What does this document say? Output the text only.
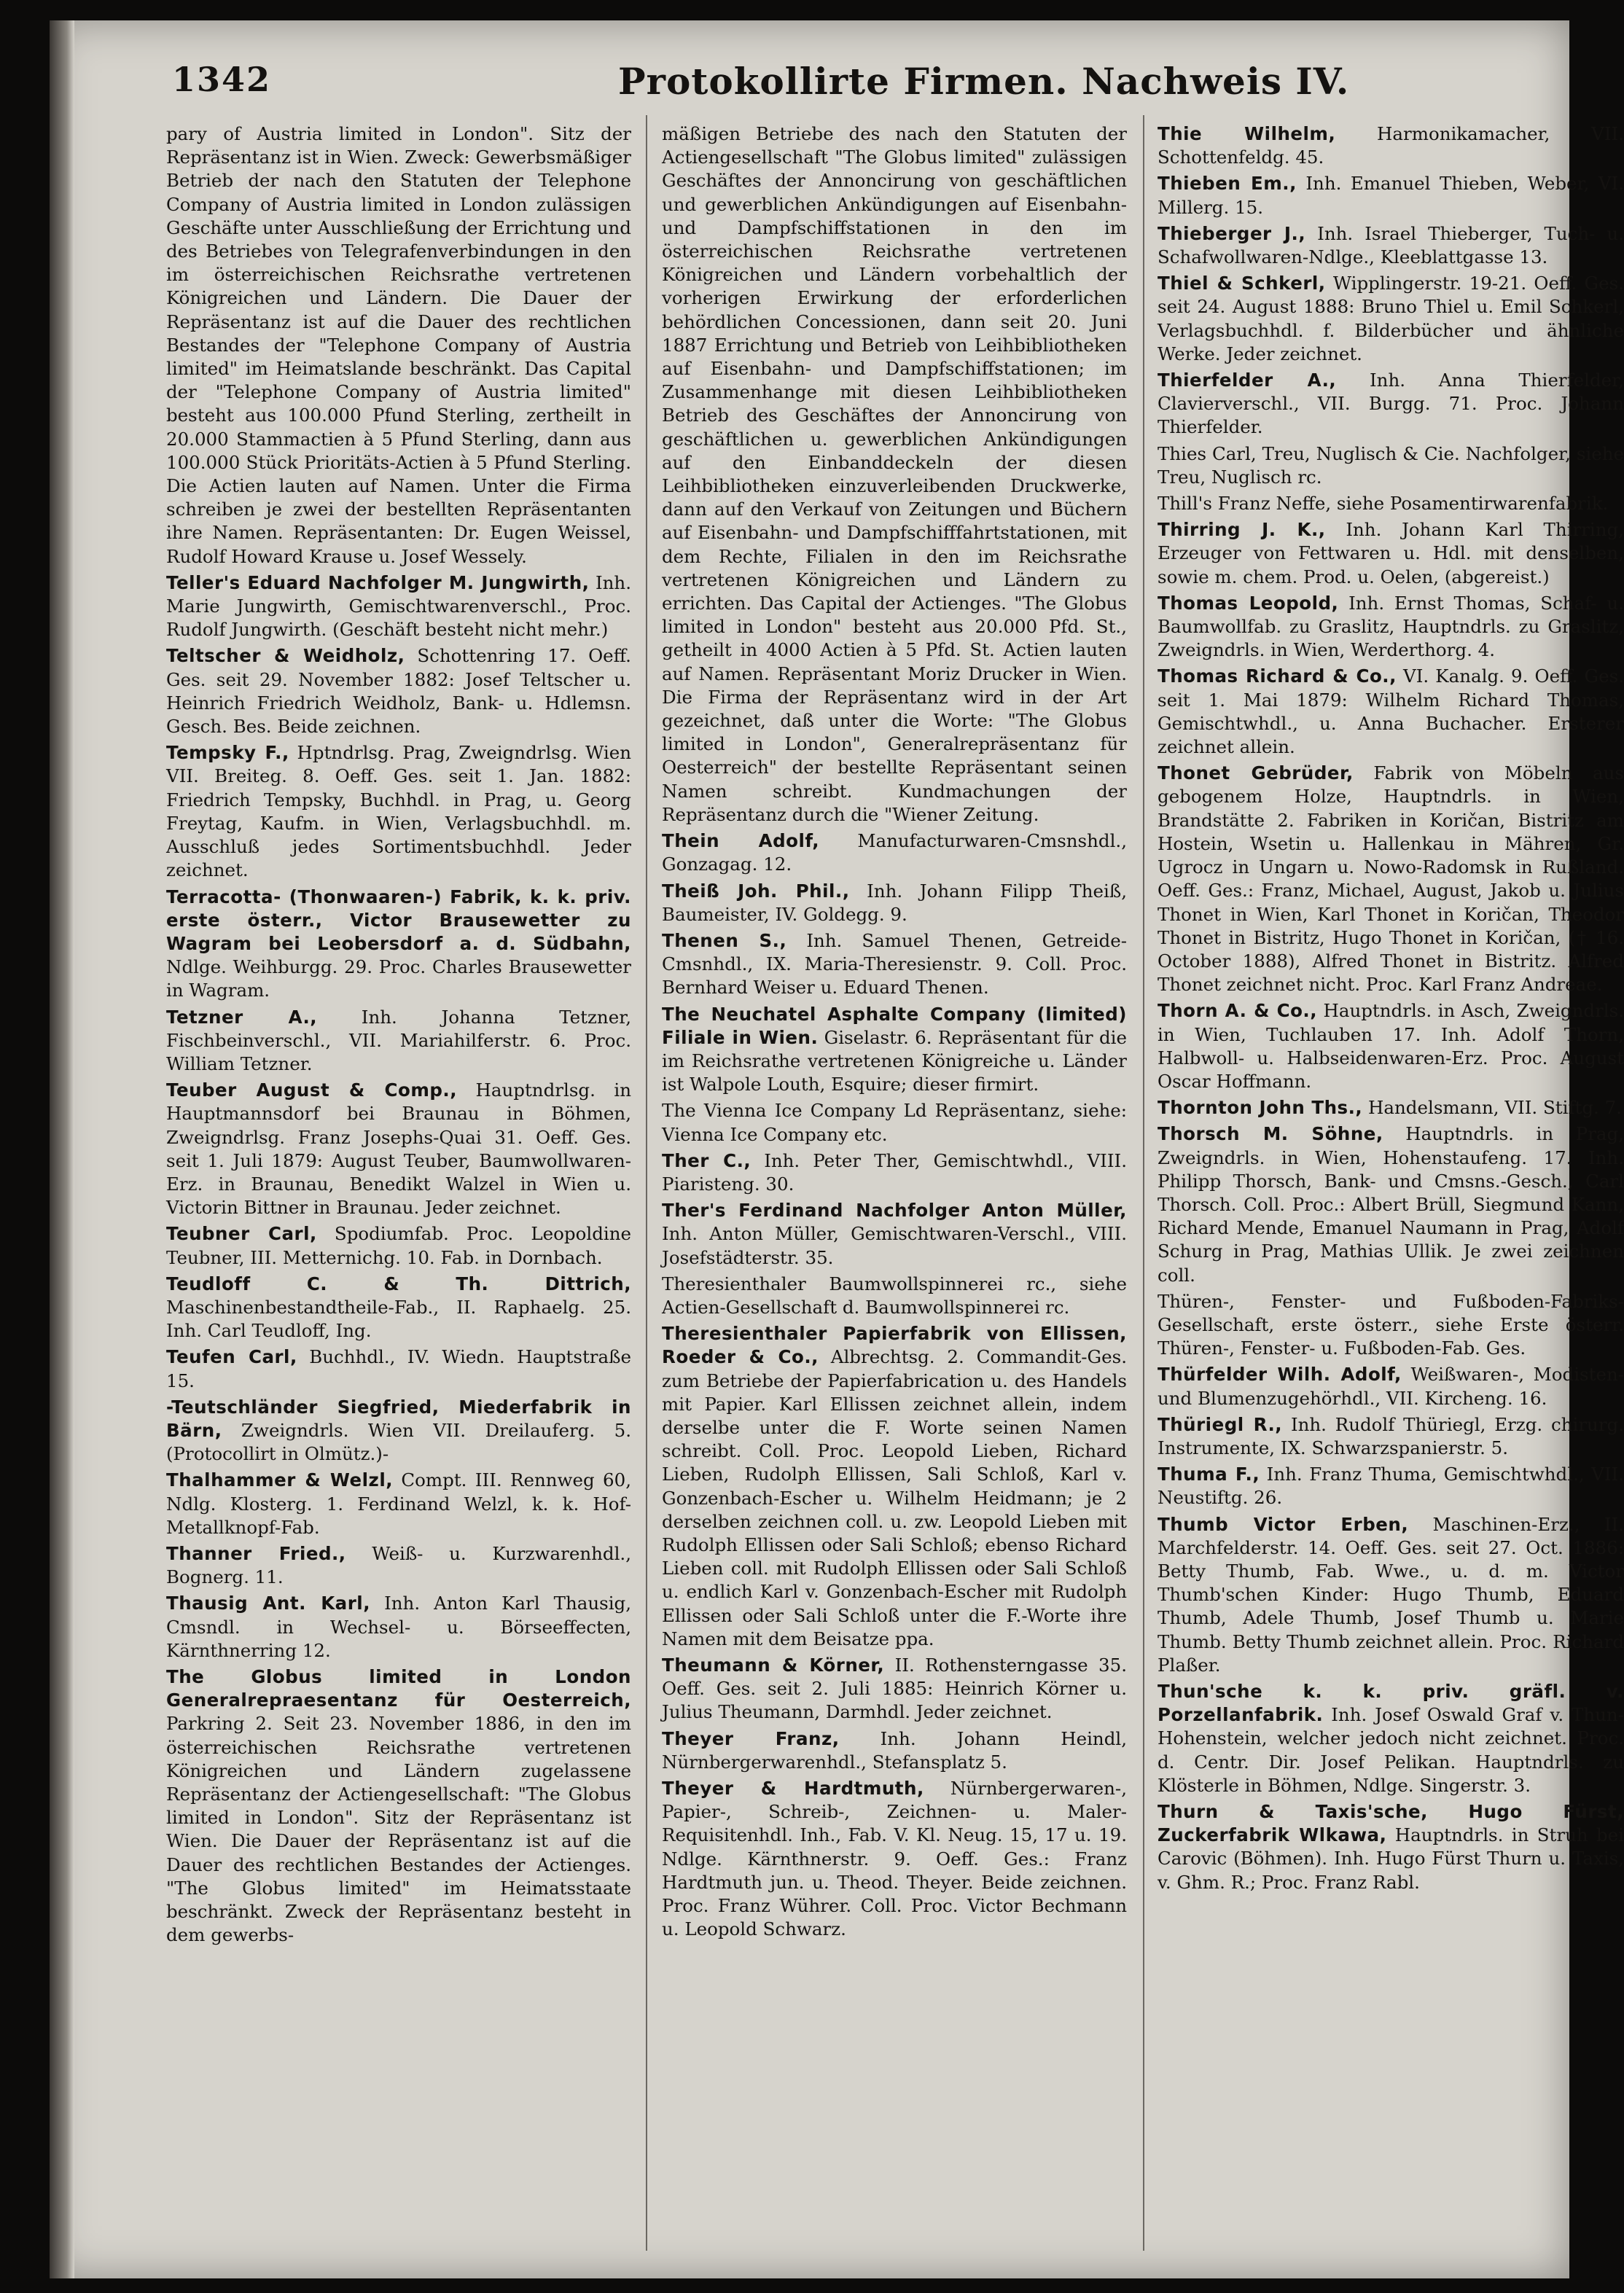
1342	Protokollirte Firmen. Nachweis IV.

pary of Austria limited in London". Sitz der Repräsentanz ist in Wien. Zweck: Gewerbsmäßiger Betrieb der nach den Statuten der Telephone Company of Austria limited in London zulässigen Geschäfte unter Ausschließung der Errichtung und des Betriebes von Telegrafenverbindungen in den im österreichischen Reichsrathe vertretenen Königreichen und Ländern. Die Dauer der Repräsentanz ist auf die Dauer des rechtlichen Bestandes der "Telephone Company of Austria limited" im Heimatslande beschränkt. Das Capital der "Telephone Company of Austria limited" besteht aus 100.000 Pfund Sterling, zertheilt in 20.000 Stammactien à 5 Pfund Sterling, dann aus 100.000 Stück Prioritäts-Actien à 5 Pfund Sterling. Die Actien lauten auf Namen. Unter die Firma schreiben je zwei der bestellten Repräsentanten ihre Namen. Repräsentanten: Dr. Eugen Weissel, Rudolf Howard Krause u. Josef Wessely.

Teller's Eduard Nachfolger M. Jungwirth, Inh. Marie Jungwirth, Gemischtwarenverschl., Proc. Rudolf Jungwirth. (Geschäft besteht nicht mehr.)

Teltscher & Weidholz, Schottenring 17. Oeff. Ges. seit 29. November 1882: Josef Teltscher u. Heinrich Friedrich Weidholz, Bank- u. Hdlemsn. Gesch. Bes. Beide zeichnen.

Tempsky F., Hptndrlsg. Prag, Zweigndrlsg. Wien VII. Breiteg. 8. Oeff. Ges. seit 1. Jan. 1882: Friedrich Tempsky, Buchhdl. in Prag, u. Georg Freytag, Kaufm. in Wien, Verlagsbuchhdl. m. Ausschluß jedes Sortimentsbuchhdl. Jeder zeichnet.

Terracotta- (Thonwaaren-) Fabrik, k. k. priv. erste österr., Victor Brausewetter zu Wagram bei Leobersdorf a. d. Südbahn, Ndlge. Weihburgg. 29. Proc. Charles Brausewetter in Wagram.

Tetzner A., Inh. Johanna Tetzner, Fischbeinverschl., VII. Mariahilferstr. 6. Proc. William Tetzner.

Teuber August & Comp., Hauptndrlsg. in Hauptmannsdorf bei Braunau in Böhmen, Zweigndrlsg. Franz Josephs-Quai 31. Oeff. Ges. seit 1. Juli 1879: August Teuber, Baumwollwaren-Erz. in Braunau, Benedikt Walzel in Wien u. Victorin Bittner in Braunau. Jeder zeichnet.

Teubner Carl, Spodiumfab. Proc. Leopoldine Teubner, III. Metternichg. 10. Fab. in Dornbach.

Teudloff C. & Th. Dittrich, Maschinenbestandtheile-Fab., II. Raphaelg. 25. Inh. Carl Teudloff, Ing.

Teufen Carl, Buchhdl., IV. Wiedn. Hauptstraße 15.

-Teutschländer Siegfried, Miederfabrik in Bärn, Zweigndrls. Wien VII. Dreilauferg. 5. (Protocollirt in Olmütz.)-

Thalhammer & Welzl, Compt. III. Rennweg 60, Ndlg. Klosterg. 1. Ferdinand Welzl, k. k. Hof-Metallknopf-Fab.

Thanner Fried., Weiß- u. Kurzwarenhdl., Bognerg. 11.

Thausig Ant. Karl, Inh. Anton Karl Thausig, Cmsndl. in Wechsel- u. Börseeffecten, Kärnthnerring 12.

The Globus limited in London Generalrepraesentanz für Oesterreich, Parkring 2. Seit 23. November 1886, in den im österreichischen Reichsrathe vertretenen Königreichen und Ländern zugelassene Repräsentanz der Actiengesellschaft: "The Globus limited in London". Sitz der Repräsentanz ist Wien. Die Dauer der Repräsentanz ist auf die Dauer des rechtlichen Bestandes der Actienges. "The Globus limited" im Heimatsstaate beschränkt. Zweck der Repräsentanz besteht in dem gewerbs-

mäßigen Betriebe des nach den Statuten der Actiengesellschaft "The Globus limited" zulässigen Geschäftes der Annoncirung von geschäftlichen und gewerblichen Ankündigungen auf Eisenbahn- und Dampfschiffstationen in den im österreichischen Reichsrathe vertretenen Königreichen und Ländern vorbehaltlich der vorherigen Erwirkung der erforderlichen behördlichen Concessionen, dann seit 20. Juni 1887 Errichtung und Betrieb von Leihbibliotheken auf Eisenbahn- und Dampfschiffstationen; im Zusammenhange mit diesen Leihbibliotheken Betrieb des Geschäftes der Annoncirung von geschäftlichen u. gewerblichen Ankündigungen auf den Einbanddeckeln der diesen Leihbibliotheken einzuverleibenden Druckwerke, dann auf den Verkauf von Zeitungen und Büchern auf Eisenbahn- und Dampfschifffahrtstationen, mit dem Rechte, Filialen in den im Reichsrathe vertretenen Königreichen und Ländern zu errichten. Das Capital der Actienges. "The Globus limited in London" besteht aus 20.000 Pfd. St., getheilt in 4000 Actien à 5 Pfd. St. Actien lauten auf Namen. Repräsentant Moriz Drucker in Wien. Die Firma der Repräsentanz wird in der Art gezeichnet, daß unter die Worte: "The Globus limited in London", Generalrepräsentanz für Oesterreich" der bestellte Repräsentant seinen Namen schreibt. Kundmachungen der Repräsentanz durch die "Wiener Zeitung.

Thein Adolf, Manufacturwaren-Cmsnshdl., Gonzagag. 12.

Theiß Joh. Phil., Inh. Johann Filipp Theiß, Baumeister, IV. Goldegg. 9.

Thenen S., Inh. Samuel Thenen, Getreide-Cmsnhdl., IX. Maria-Theresienstr. 9. Coll. Proc. Bernhard Weiser u. Eduard Thenen.

The Neuchatel Asphalte Company (limited) Filiale in Wien. Giselastr. 6. Repräsentant für die im Reichsrathe vertretenen Königreiche u. Länder ist Walpole Louth, Esquire; dieser firmirt.

The Vienna Ice Company Ld Repräsentanz, siehe: Vienna Ice Company etc.

Ther C., Inh. Peter Ther, Gemischtwhdl., VIII. Piaristeng. 30.

Ther's Ferdinand Nachfolger Anton Müller, Inh. Anton Müller, Gemischtwaren-Verschl., VIII. Josefstädterstr. 35.

Theresienthaler Baumwollspinnerei rc., siehe Actien-Gesellschaft d. Baumwollspinnerei rc.

Theresienthaler Papierfabrik von Ellissen, Roeder & Co., Albrechtsg. 2. Commandit-Ges. zum Betriebe der Papierfabrication u. des Handels mit Papier. Karl Ellissen zeichnet allein, indem derselbe unter die F. Worte seinen Namen schreibt. Coll. Proc. Leopold Lieben, Richard Lieben, Rudolph Ellissen, Sali Schloß, Karl v. Gonzenbach-Escher u. Wilhelm Heidmann; je 2 derselben zeichnen coll. u. zw. Leopold Lieben mit Rudolph Ellissen oder Sali Schloß; ebenso Richard Lieben coll. mit Rudolph Ellissen oder Sali Schloß u. endlich Karl v. Gonzenbach-Escher mit Rudolph Ellissen oder Sali Schloß unter die F.-Worte ihre Namen mit dem Beisatze ppa.

Theumann & Körner, II. Rothensterngasse 35. Oeff. Ges. seit 2. Juli 1885: Heinrich Körner u. Julius Theumann, Darmhdl. Jeder zeichnet.

Theyer Franz, Inh. Johann Heindl, Nürnbergerwarenhdl., Stefansplatz 5.

Theyer & Hardtmuth, Nürnbergerwaren-, Papier-, Schreib-, Zeichnen- u. Maler-Requisitenhdl. Inh., Fab. V. Kl. Neug. 15, 17 u. 19. Ndlge. Kärnthnerstr. 9. Oeff. Ges.: Franz Hardtmuth jun. u. Theod. Theyer. Beide zeichnen. Proc. Franz Wührer. Coll. Proc. Victor Bechmann u. Leopold Schwarz.

Thie Wilhelm, Harmonikamacher, VII. Schottenfeldg. 45.

Thieben Em., Inh. Emanuel Thieben, Weber, VI. Millerg. 15.

Thieberger J., Inh. Israel Thieberger, Tuch- u. Schafwollwaren-Ndlge., Kleeblattgasse 13.

Thiel & Schkerl, Wipplingerstr. 19-21. Oeff. Ges. seit 24. August 1888: Bruno Thiel u. Emil Schkerl, Verlagsbuchhdl. f. Bilderbücher und ähnliche Werke. Jeder zeichnet.

Thierfelder A., Inh. Anna Thierfelder, Clavierverschl., VII. Burgg. 71. Proc. Johann Thierfelder.

Thies Carl, Treu, Nuglisch & Cie. Nachfolger, siehe Treu, Nuglisch rc.

Thill's Franz Neffe, siehe Posamentirwarenfabrik.

Thirring J. K., Inh. Johann Karl Thirring, Erzeuger von Fettwaren u. Hdl. mit denselben, sowie m. chem. Prod. u. Oelen, (abgereist.)

Thomas Leopold, Inh. Ernst Thomas, Schaf- u. Baumwollfab. zu Graslitz, Hauptndrls. zu Graslitz, Zweigndrls. in Wien, Werderthorg. 4.

Thomas Richard & Co., VI. Kanalg. 9. Oeff. Ges. seit 1. Mai 1879: Wilhelm Richard Thomas, Gemischtwhdl., u. Anna Buchacher. Ersterer zeichnet allein.

Thonet Gebrüder, Fabrik von Möbeln aus gebogenem Holze, Hauptndrls. in Wien, Brandstätte 2. Fabriken in Koričan, Bistritz am Hostein, Wsetin u. Hallenkau in Mähren, Gr. Ugrocz in Ungarn u. Nowo-Radomsk in Rußland. Oeff. Ges.: Franz, Michael, August, Jakob u. Julius Thonet in Wien, Karl Thonet in Koričan, Theodor Thonet in Bistritz, Hugo Thonet in Koričan, († 16. October 1888), Alfred Thonet in Bistritz. Alfred Thonet zeichnet nicht. Proc. Karl Franz Andreae.

Thorn A. & Co., Hauptndrls. in Asch, Zweigndrls. in Wien, Tuchlauben 17. Inh. Adolf Thorn, Halbwoll- u. Halbseidenwaren-Erz. Proc. August Oscar Hoffmann.

Thornton John Ths., Handelsmann, VII. Stiftg. 7.

Thorsch M. Söhne, Hauptndrls. in Prag, Zweigndrls. in Wien, Hohenstaufeng. 17. Inh. Philipp Thorsch, Bank- und Cmsns.-Gesch., Carl Thorsch. Coll. Proc.: Albert Brüll, Siegmund Kann, Richard Mende, Emanuel Naumann in Prag, Adolf Schurg in Prag, Mathias Ullik. Je zwei zeichnen coll.

Thüren-, Fenster- und Fußboden-Fabriks-Gesellschaft, erste österr., siehe Erste österr. Thüren-, Fenster- u. Fußboden-Fab. Ges.

Thürfelder Wilh. Adolf, Weißwaren-, Modisten- und Blumenzugehörhdl., VII. Kircheng. 16.

Thüriegl R., Inh. Rudolf Thüriegl, Erzg. chirurg. Instrumente, IX. Schwarzspanierstr. 5.

Thuma F., Inh. Franz Thuma, Gemischtwhdl., VII. Neustiftg. 26.

Thumb Victor Erben, Maschinen-Erz., II. Marchfelderstr. 14. Oeff. Ges. seit 27. Oct. 1886: Betty Thumb, Fab. Wwe., u. d. m. Victor Thumb'schen Kinder: Hugo Thumb, Eduard Thumb, Adele Thumb, Josef Thumb u. Marie Thumb. Betty Thumb zeichnet allein. Proc. Richard Plaßer.

Thun'sche k. k. priv. gräfl. v. Porzellanfabrik. Inh. Josef Oswald Graf v. Thun-Hohenstein, welcher jedoch nicht zeichnet. Proc. d. Centr. Dir. Josef Pelikan. Hauptndrls. zu Klösterle in Böhmen, Ndlge. Singerstr. 3.

Thurn & Taxis'sche, Hugo Fürst, Zuckerfabrik Wlkawa, Hauptndrls. in Struh bei Carovic (Böhmen). Inh. Hugo Fürst Thurn u. Taxis, v. Ghm. R.; Proc. Franz Rabl.
